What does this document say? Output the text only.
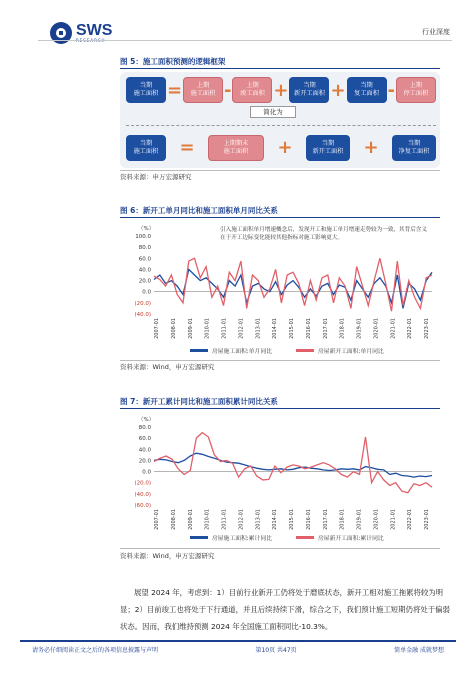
SWS	行业深度
图 5：施工面积预测的逻辑框架
当期
施工面积 =	上期
施工面积 -	上期
竣工面积 +	当期
新开工面积 +	当期
复工面积 -	上期
停工面积
简化为
当期
施工面积	=	上期期末
施工面积	+	当期
新开工面积	+	当期
净复工面积
资料来源：申万宏源研究
图 6：新开工单月同比和施工面积单月同比关系
引入施工面积单月增速概念后，发现开工和施工单月增速走势较为一致，其背后含义在于开工边际变化能较其他指标对施工影响更大。
（%）
100.0
80.0
60.0
40.0
20.0
0.0
(20.0)
(40.0)
2007-01 2008-01 2009-01 2010-01 2011-01 2012-01 2013-01 2014-01 2015-01 2016-01 2017-01 2018-01 2019-01 2020-01 2021-01 2022-01 2023-01
房屋施工面积:单月同比	房屋新开工面积:单月同比
资料来源：Wind，申万宏源研究
图 7：新开工累计同比和施工面积累计同比关系
（%）
80.0
60.0
40.0
20.0
0.0
(20.0)
(40.0)
(60.0)
2007-01 2008-01 2009-01 2010-01 2011-01 2012-01 2013-01 2014-01 2015-01 2016-01 2017-01 2018-01 2019-01 2020-01 2021-01 2022-01 2023-01
房屋施工面积:累计同比	房屋新开工面积:累计同比
资料来源：Wind，申万宏源研究
展望 2024 年，考虑到：1）目前行业新开工仍将处于磨底状态，新开工相对施工拖累将较为明显；2）目前竣工也将处于下行通道，并且后续持续下滑，综合之下，我们预计施工短期仍将处于偏弱状态。因而，我们维持预测 2024 年全国施工面积同比-10.3%。
请务必仔细阅读正文之后的各项信息披露与声明	第10页 共47页	简单金融 成就梦想
